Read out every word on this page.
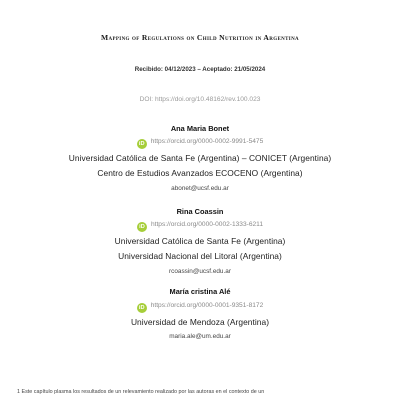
Mapping of Regulations on Child Nutrition in Argentina
Recibido: 04/12/2023 – Aceptado: 21/05/2024
DOI: https://doi.org/10.48162/rev.100.023
Ana Maria Bonet
iD https://orcid.org/0000-0002-9991-5475
Universidad Católica de Santa Fe (Argentina) – CONICET (Argentina)
Centro de Estudios Avanzados ECOCENO (Argentina)
abonet@ucsf.edu.ar
Rina Coassin
iD https://orcid.org/0000-0002-1333-6211
Universidad Católica de Santa Fe (Argentina)
Universidad Nacional del Litoral (Argentina)
rcoassin@ucsf.edu.ar
María cristina Alé
iD https://orcid.org/0000-0001-9351-8172
Universidad de Mendoza (Argentina)
maria.ale@um.edu.ar
1 Este capítulo plasma los resultados de un relevamiento realizado por las autoras en el contexto de un
